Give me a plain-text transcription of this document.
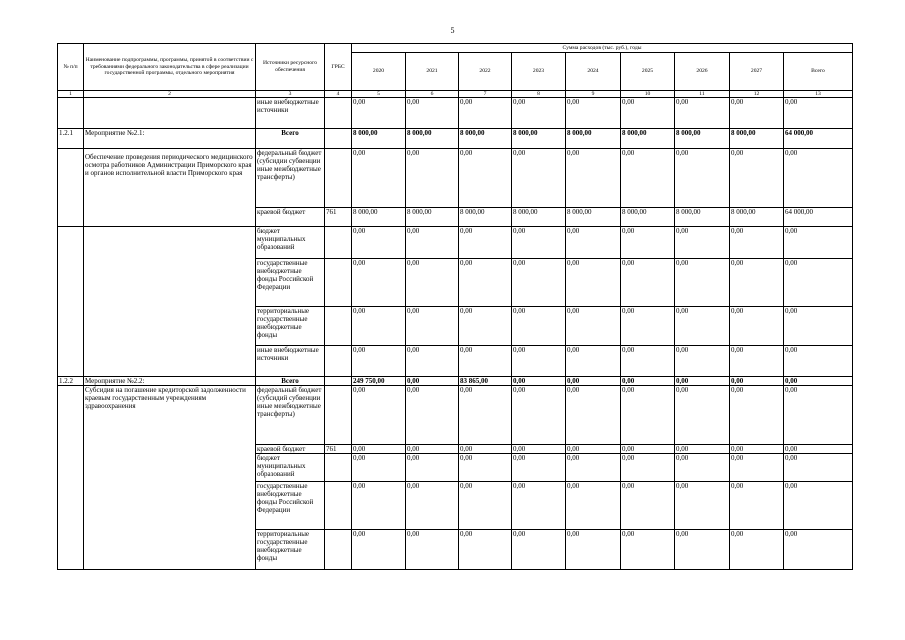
5
№ п/п	Наименование подпрограммы, программы, принятой в соответствии с требованиями федерального законодательства в сфере реализации государственной программы, отдельного мероприятия	Источники ресурсного обеспечения	ГРБС	Сумма расходов (тыс. руб.), годы								
				2020	2021	2022	2023	2024	2025	2026	2027	Всего
1	2	3	4	5	6	7	8	9	10	11	12	13
		иные внебюджетные источники		0,00	0,00	0,00	0,00	0,00	0,00	0,00	0,00	0,00
1.2.1	Мероприятие №2.1:	Всего		8 000,00	8 000,00	8 000,00	8 000,00	8 000,00	8 000,00	8 000,00	8 000,00	64 000,00
	Обеспечение проведения периодического медицинского осмотра работников Администрации Приморского края и органов исполнительной власти Приморского края	федеральный бюджет (субсидии субвенции иные межбюджетные трансферты)		0,00	0,00	0,00	0,00	0,00	0,00	0,00	0,00	0,00
		краевой бюджет	761	8 000,00	8 000,00	8 000,00	8 000,00	8 000,00	8 000,00	8 000,00	8 000,00	64 000,00
		бюджет муниципальных образований		0,00	0,00	0,00	0,00	0,00	0,00	0,00	0,00	0,00
		государственные внебюджетные фонды Российской Федерации		0,00	0,00	0,00	0,00	0,00	0,00	0,00	0,00	0,00
		территориальные государственные внебюджетные фонды		0,00	0,00	0,00	0,00	0,00	0,00	0,00	0,00	0,00
		иные внебюджетные источники		0,00	0,00	0,00	0,00	0,00	0,00	0,00	0,00	0,00
1.2.2	Мероприятие №2.2:	Всего		249 750,00	0,00	83 865,00	0,00	0,00	0,00	0,00	0,00	0,00
	Субсидия на погашение кредиторской задолженности краевым государственным учреждениям здравоохранения	федеральный бюджет (субсидий субвенции иные межбюджетные трансферты)		0,00	0,00	0,00	0,00	0,00	0,00	0,00	0,00	0,00
		краевой бюджет	761	0,00	0,00	0,00	0,00	0,00	0,00	0,00	0,00	0,00
		бюджет муниципальных образований		0,00	0,00	0,00	0,00	0,00	0,00	0,00	0,00	0,00
		государственные внебюджетные фонды Российской Федерации		0,00	0,00	0,00	0,00	0,00	0,00	0,00	0,00	0,00
		территориальные государственные внебюджетные фонды		0,00	0,00	0,00	0,00	0,00	0,00	0,00	0,00	0,00
